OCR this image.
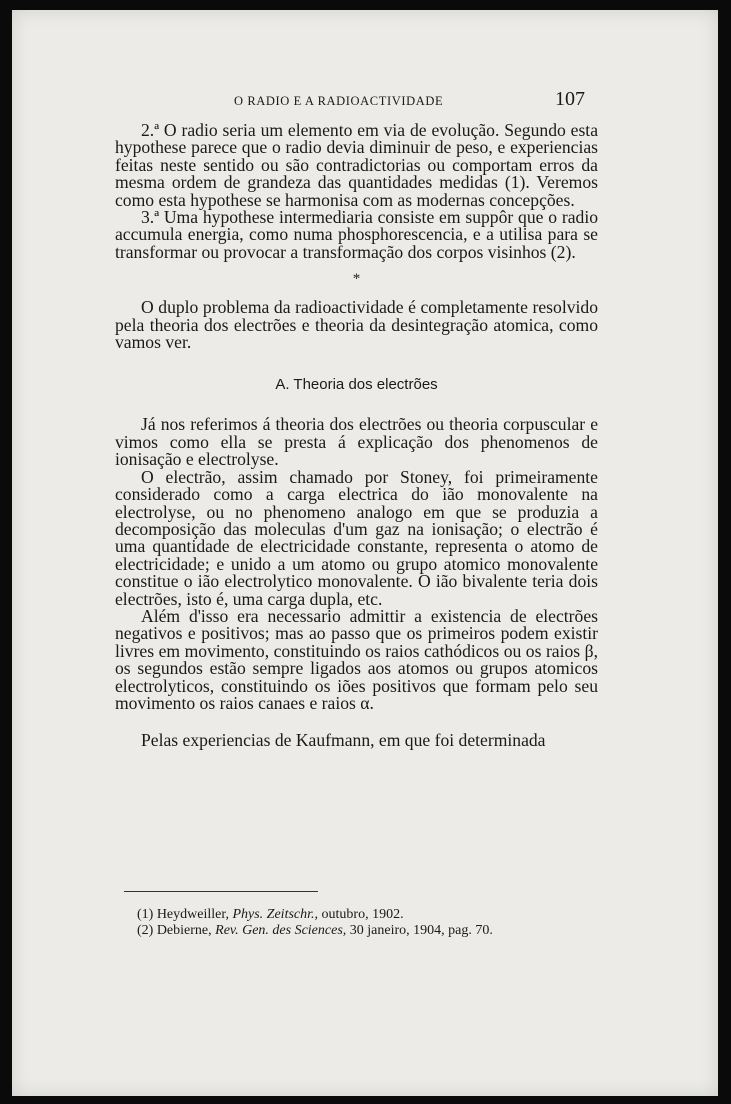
O RADIO E A RADIOACTIVIDADE	107

2.ª O radio seria um elemento em via de evolução. Segundo esta hypothese parece que o radio devia diminuir de peso, e experiencias feitas neste sentido ou são contradictorias ou comportam erros da mesma ordem de grandeza das quantidades medidas (1). Veremos como esta hypothese se harmonisa com as modernas concepções.

3.ª Uma hypothese intermediaria consiste em suppôr que o radio accumula energia, como numa phosphorescencia, e a utilisa para se transformar ou provocar a transformação dos corpos visinhos (2).

*

O duplo problema da radioactividade é completamente resolvido pela theoria dos electrões e theoria da desintegração atomica, como vamos ver.

A. Theoria dos electrões

Já nos referimos á theoria dos electrões ou theoria corpuscular e vimos como ella se presta á explicação dos phenomenos de ionisação e electrolyse.

O electrão, assim chamado por Stoney, foi primeiramente considerado como a carga electrica do ião monovalente na electrolyse, ou no phenomeno analogo em que se produzia a decomposição das moleculas d'um gaz na ionisação; o electrão é uma quantidade de electricidade constante, representa o atomo de electricidade; e unido a um atomo ou grupo atomico monovalente constitue o ião electrolytico monovalente. O ião bivalente teria dois electrões, isto é, uma carga dupla, etc.

Além d'isso era necessario admittir a existencia de electrões negativos e positivos; mas ao passo que os primeiros podem existir livres em movimento, constituindo os raios cathódicos ou os raios β, os segundos estão sempre ligados aos atomos ou grupos atomicos electrolyticos, constituindo os iões positivos que formam pelo seu movimento os raios canaes e raios α.

Pelas experiencias de Kaufmann, em que foi determinada

(1) Heydweiller, Phys. Zeitschr., outubro, 1902.
(2) Debierne, Rev. Gen. des Sciences, 30 janeiro, 1904, pag. 70.
